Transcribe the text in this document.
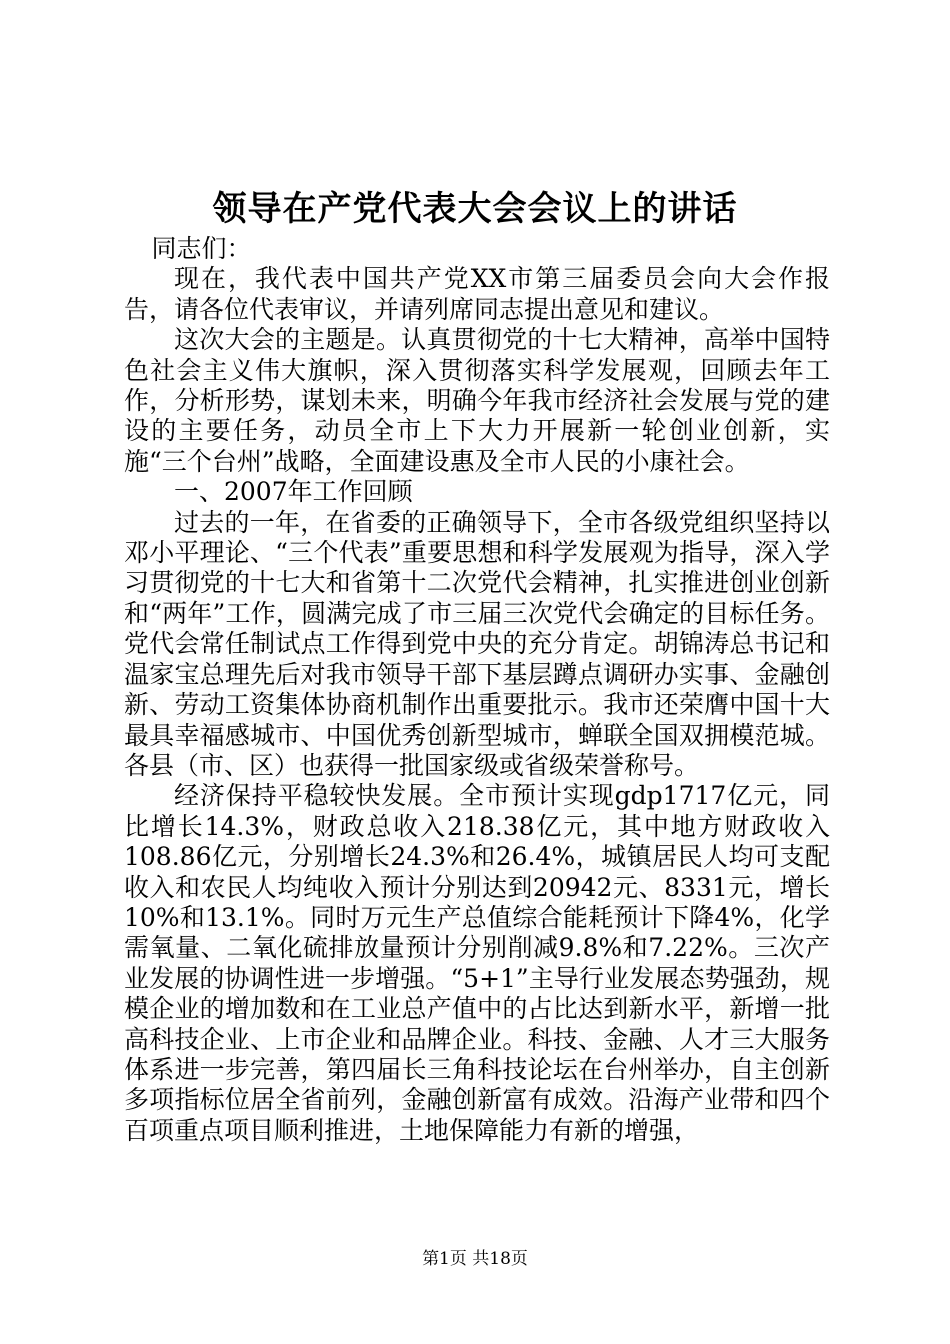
领导在产党代表大会会议上的讲话

同志们：

现在，我代表中国共产党XX市第三届委员会向大会作报告，请各位代表审议，并请列席同志提出意见和建议。

这次大会的主题是。认真贯彻党的十七大精神，高举中国特色社会主义伟大旗帜，深入贯彻落实科学发展观，回顾去年工作，分析形势，谋划未来，明确今年我市经济社会发展与党的建设的主要任务，动员全市上下大力开展新一轮创业创新，实施“三个台州”战略，全面建设惠及全市人民的小康社会。

一、2007年工作回顾

过去的一年，在省委的正确领导下，全市各级党组织坚持以邓小平理论、“三个代表”重要思想和科学发展观为指导，深入学习贯彻党的十七大和省第十二次党代会精神，扎实推进创业创新和“两年”工作，圆满完成了市三届三次党代会确定的目标任务。党代会常任制试点工作得到党中央的充分肯定。胡锦涛总书记和温家宝总理先后对我市领导干部下基层蹲点调研办实事、金融创新、劳动工资集体协商机制作出重要批示。我市还荣膺中国十大最具幸福感城市、中国优秀创新型城市，蝉联全国双拥模范城。各县（市、区）也获得一批国家级或省级荣誉称号。

经济保持平稳较快发展。全市预计实现gdp1717亿元，同比增长14.3%，财政总收入218.38亿元，其中地方财政收入108.86亿元，分别增长24.3%和26.4%，城镇居民人均可支配收入和农民人均纯收入预计分别达到20942元、8331元，增长10%和13.1%。同时万元生产总值综合能耗预计下降4%，化学需氧量、二氧化硫排放量预计分别削减9.8%和7.22%。三次产业发展的协调性进一步增强。“5+1”主导行业发展态势强劲，规模企业的增加数和在工业总产值中的占比达到新水平，新增一批高科技企业、上市企业和品牌企业。科技、金融、人才三大服务体系进一步完善，第四届长三角科技论坛在台州举办，自主创新多项指标位居全省前列，金融创新富有成效。沿海产业带和四个百项重点项目顺利推进，土地保障能力有新的增强，

第1页 共18页
